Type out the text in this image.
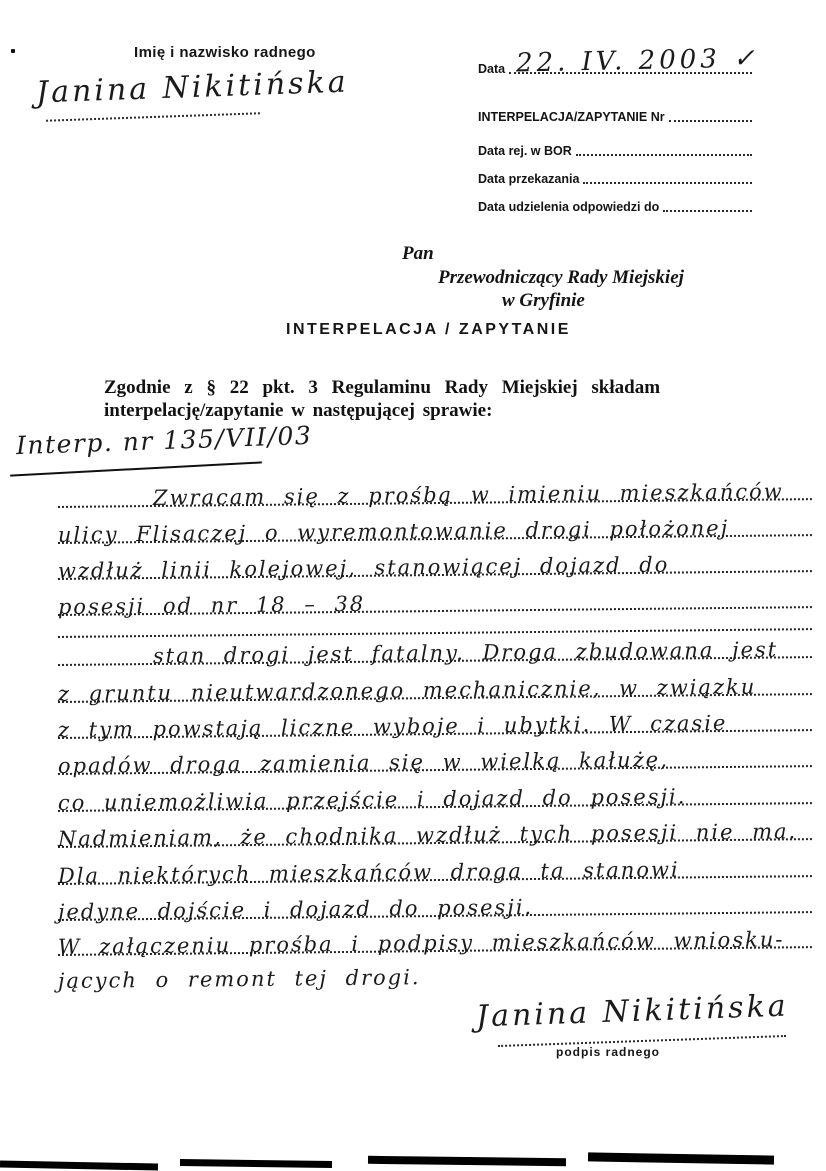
Imię i nazwisko radnego
Janina Nikitińska	Data 22. IV. 2003 ✓
INTERPELACJA/ZAPYTANIE Nr
Data rej. w BOR
Data przekazania
Data udzielenia odpowiedzi do
Pan
Przewodniczący Rady Miejskiej
w Gryfinie
INTERPELACJA / ZAPYTANIE
Zgodnie z § 22 pkt. 3 Regulaminu Rady Miejskiej składam
interpelację/zapytanie w następującej sprawie:
Interp. nr 135/VII/03
Zwracam się z prośbą w imieniu mieszkańców
ulicy Flisaczej o wyremontowanie drogi położonej
wzdłuż linii kolejowej, stanowiącej dojazd do
posesji od nr 18 – 38
stan drogi jest fatalny. Droga zbudowana jest
z gruntu nieutwardzonego mechanicznie, w związku
z tym powstają liczne wyboje i ubytki. W czasie
opadów droga zamienia się w wielką kałużę,
co uniemożliwia przejście i dojazd do posesji.
Nadmieniam, że chodnika wzdłuż tych posesji nie ma.
Dla niektórych mieszkańców droga ta stanowi
jedyne dojście i dojazd do posesji.
W załączeniu prośba i podpisy mieszkańców wniosku-
jących o remont tej drogi.
Janina Nikitińska
podpis radnego
